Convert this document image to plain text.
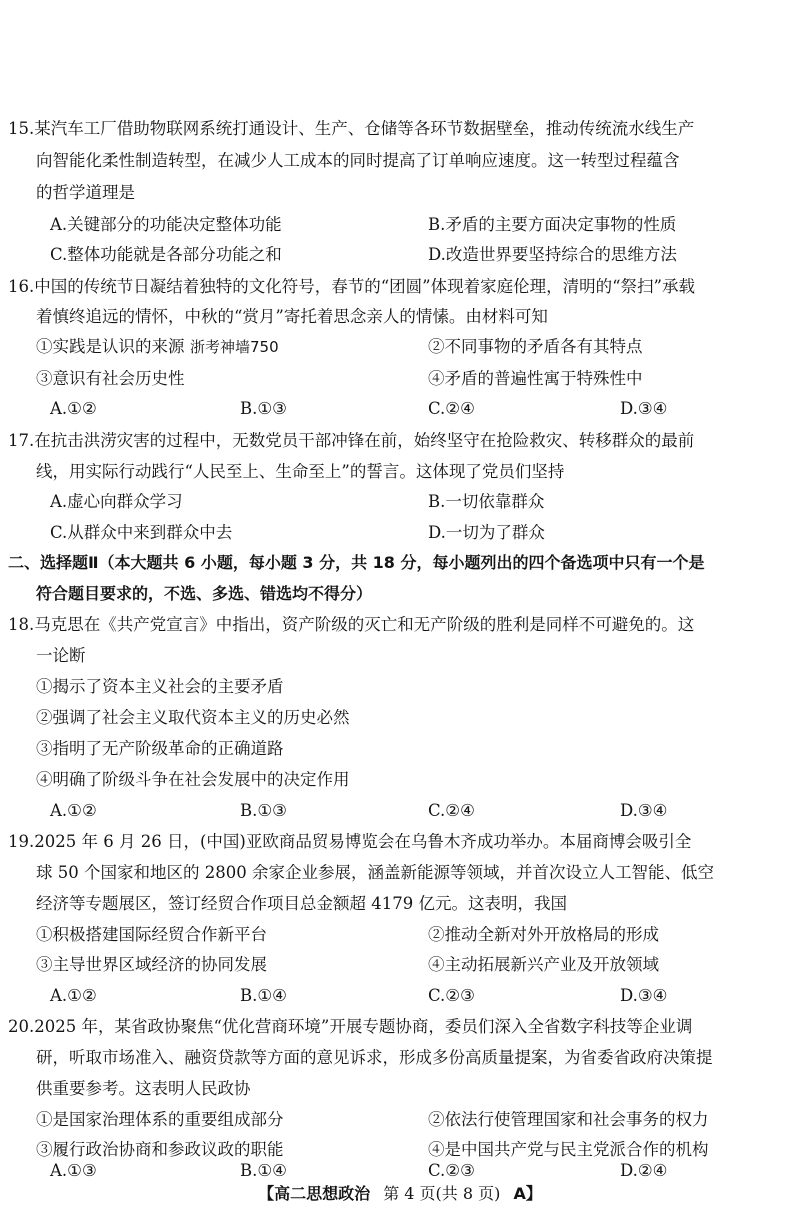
15.某汽车工厂借助物联网系统打通设计、生产、仓储等各环节数据壁垒，推动传统流水线生产
向智能化柔性制造转型，在减少人工成本的同时提高了订单响应速度。这一转型过程蕴含
的哲学道理是
A.关键部分的功能决定整体功能	B.矛盾的主要方面决定事物的性质
C.整体功能就是各部分功能之和	D.改造世界要坚持综合的思维方法
16.中国的传统节日凝结着独特的文化符号，春节的“团圆”体现着家庭伦理，清明的“祭扫”承载
着慎终追远的情怀，中秋的“赏月”寄托着思念亲人的情愫。由材料可知
①实践是认识的来源 浙考神墙750	②不同事物的矛盾各有其特点
③意识有社会历史性	④矛盾的普遍性寓于特殊性中
A.①②	B.①③	C.②④	D.③④
17.在抗击洪涝灾害的过程中，无数党员干部冲锋在前，始终坚守在抢险救灾、转移群众的最前
线，用实际行动践行“人民至上、生命至上”的誓言。这体现了党员们坚持
A.虚心向群众学习	B.一切依靠群众
C.从群众中来到群众中去	D.一切为了群众
二、选择题Ⅱ（本大题共 6 小题，每小题 3 分，共 18 分，每小题列出的四个备选项中只有一个是
符合题目要求的，不选、多选、错选均不得分）
18.马克思在《共产党宣言》中指出，资产阶级的灭亡和无产阶级的胜利是同样不可避免的。这
一论断
①揭示了资本主义社会的主要矛盾
②强调了社会主义取代资本主义的历史必然
③指明了无产阶级革命的正确道路
④明确了阶级斗争在社会发展中的决定作用
A.①②	B.①③	C.②④	D.③④
19.2025 年 6 月 26 日，(中国)亚欧商品贸易博览会在乌鲁木齐成功举办。本届商博会吸引全
球 50 个国家和地区的 2800 余家企业参展，涵盖新能源等领域，并首次设立人工智能、低空
经济等专题展区，签订经贸合作项目总金额超 4179 亿元。这表明，我国
①积极搭建国际经贸合作新平台	②推动全新对外开放格局的形成
③主导世界区域经济的协同发展	④主动拓展新兴产业及开放领域
A.①②	B.①④	C.②③	D.③④
20.2025 年，某省政协聚焦“优化营商环境”开展专题协商，委员们深入全省数字科技等企业调
研，听取市场准入、融资贷款等方面的意见诉求，形成多份高质量提案，为省委省政府决策提
供重要参考。这表明人民政协
①是国家治理体系的重要组成部分	②依法行使管理国家和社会事务的权力
③履行政治协商和参政议政的职能	④是中国共产党与民主党派合作的机构
A.①③	B.①④	C.②③	D.②④
【高二思想政治 第 4 页(共 8 页) A】
